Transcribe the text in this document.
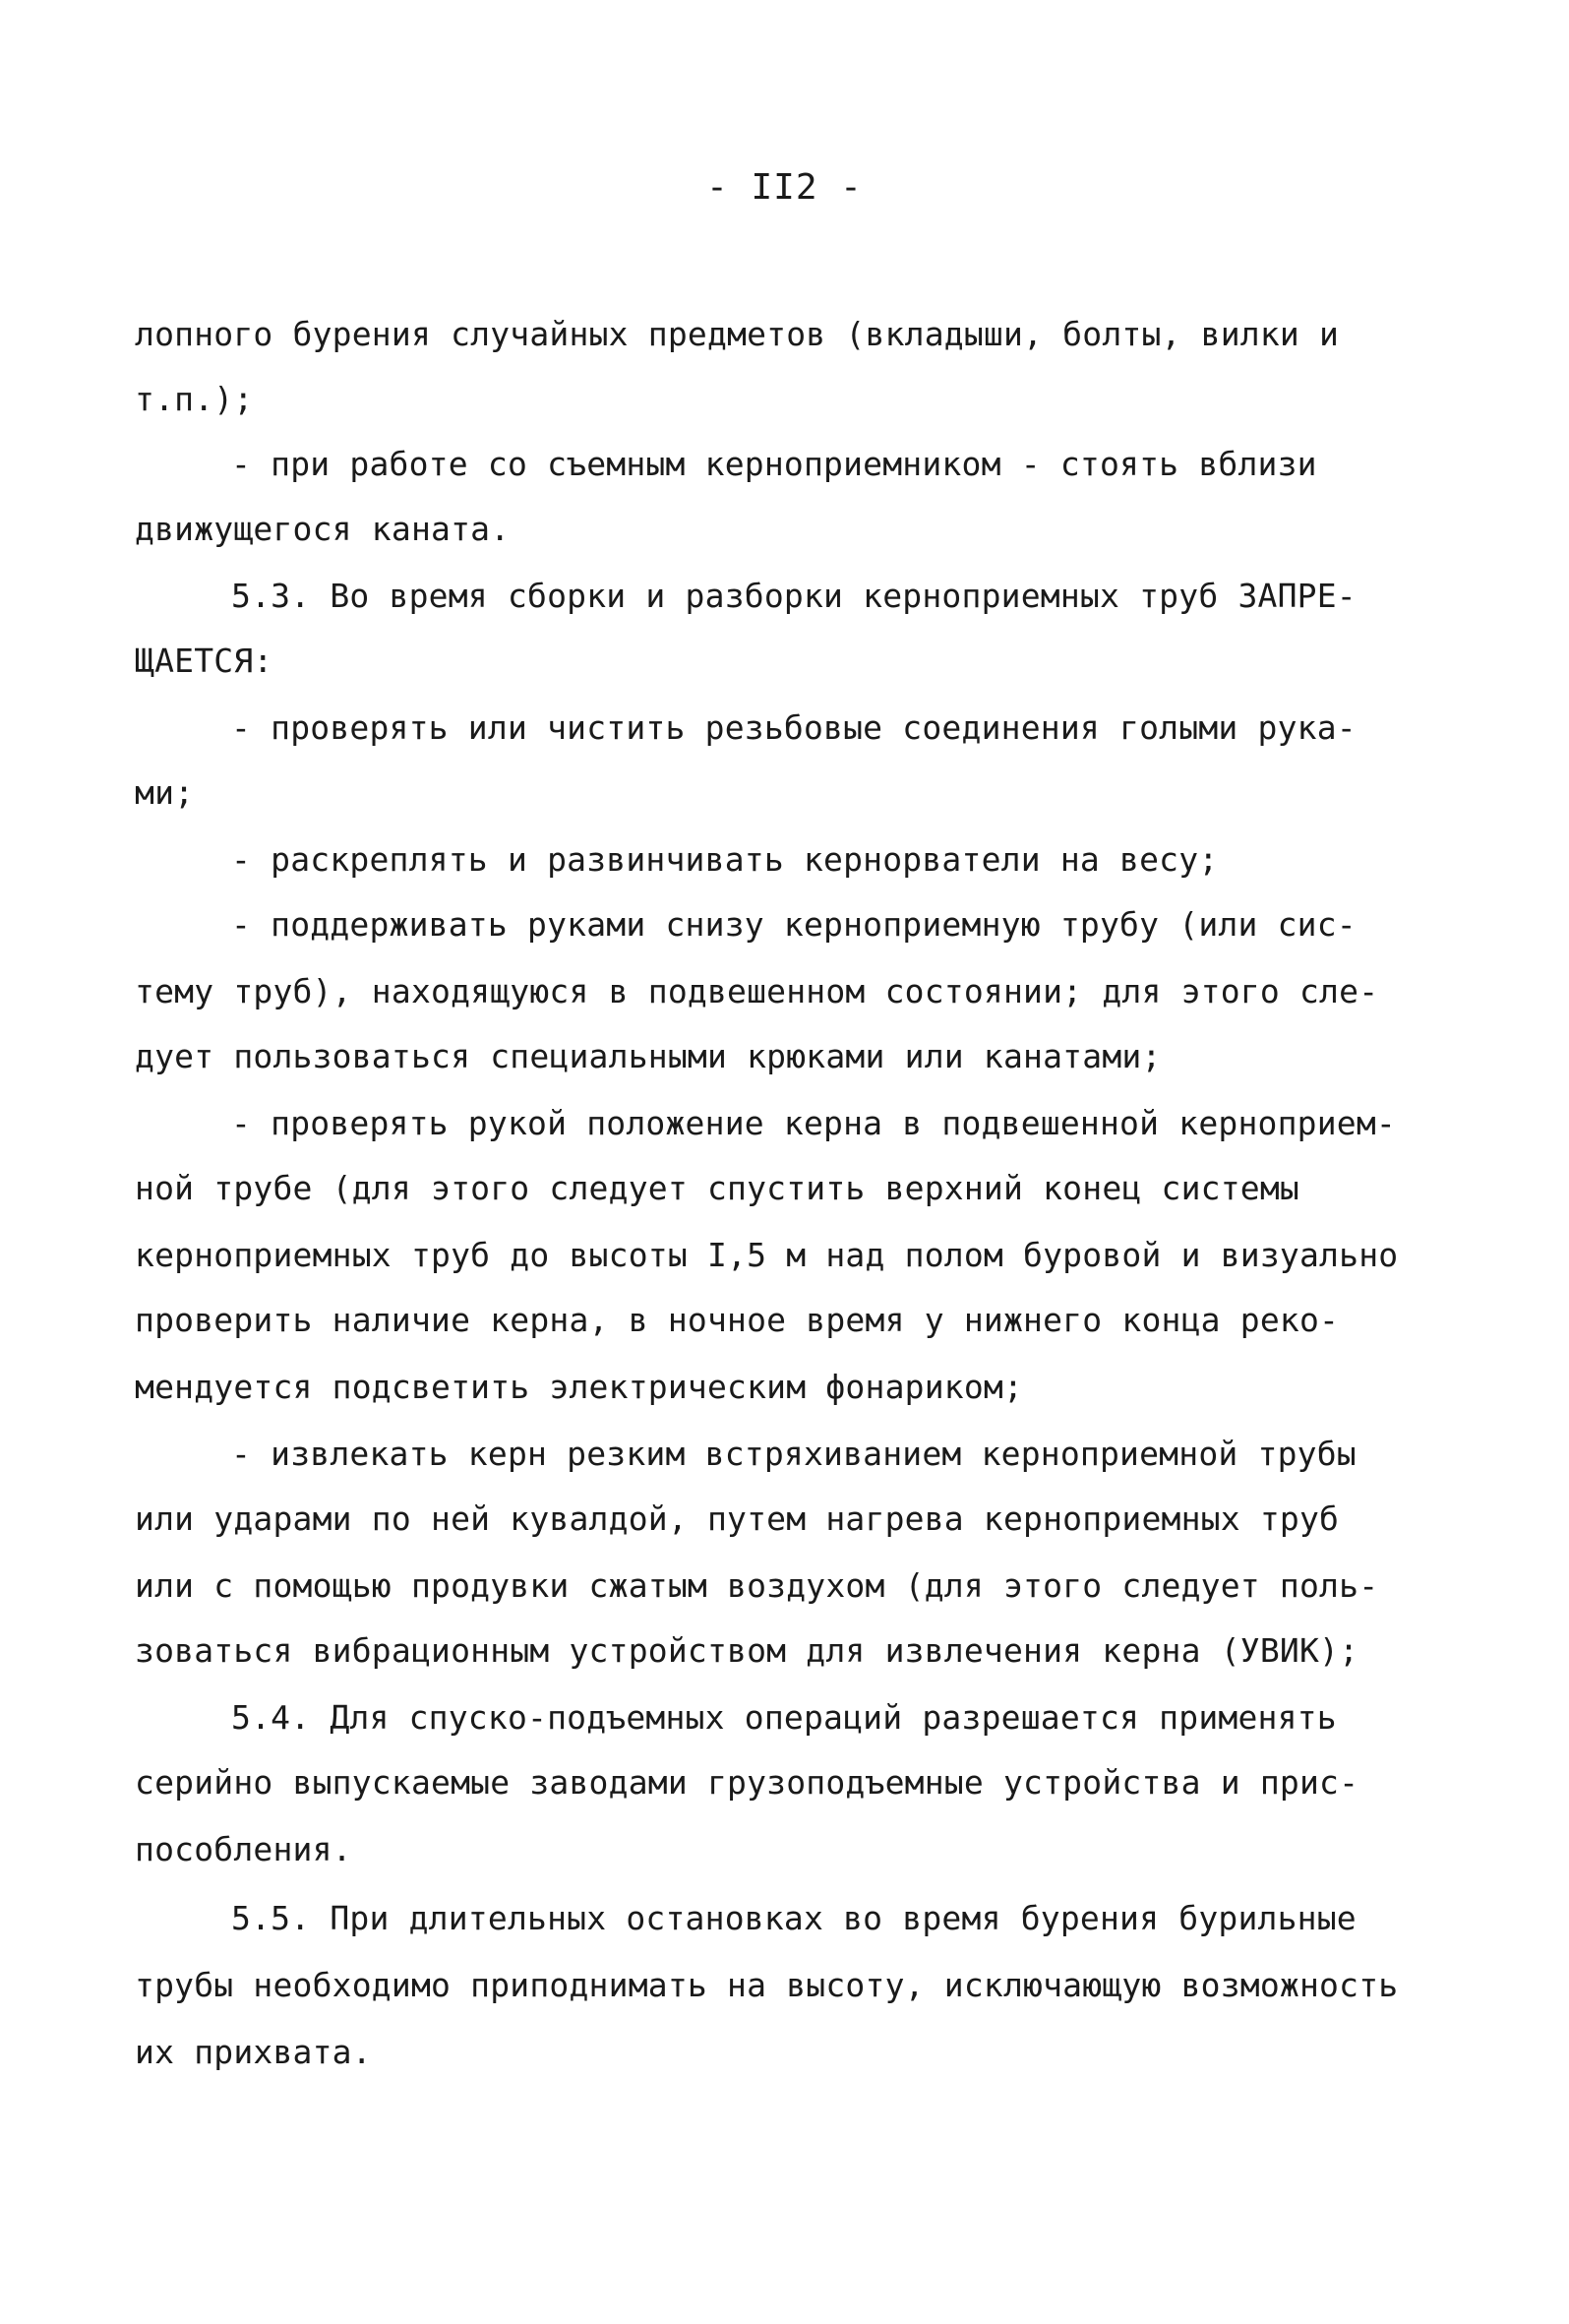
- II2 -
лопного бурения случайных предметов (вкладыши, болты, вилки и
т.п.);
- при работе со съемным керноприемником - стоять вблизи
движущегося каната.
5.3. Во время сборки и разборки керноприемных труб ЗАПРЕ-
ЩАЕТСЯ:
- проверять или чистить резьбовые соединения голыми рука-
ми;
- раскреплять и развинчивать кернорватели на весу;
- поддерживать руками снизу керноприемную трубу (или сис-
тему труб), находящуюся в подвешенном состоянии; для этого сле-
дует пользоваться специальными крюками или канатами;
- проверять рукой положение керна в подвешенной керноприем-
ной трубе (для этого следует спустить верхний конец системы
керноприемных труб до высоты I,5 м над полом буровой и визуально
проверить наличие керна, в ночное время у нижнего конца реко-
мендуется подсветить электрическим фонариком;
- извлекать керн резким встряхиванием керноприемной трубы
или ударами по ней кувалдой, путем нагрева керноприемных труб
или с помощью продувки сжатым воздухом (для этого следует поль-
зоваться вибрационным устройством для извлечения керна (УВИК);
5.4. Для спуско-подъемных операций разрешается применять
серийно выпускаемые заводами грузоподъемные устройства и прис-
пособления.
5.5. При длительных остановках во время бурения бурильные
трубы необходимо приподнимать на высоту, исключающую возможность
их прихвата.
